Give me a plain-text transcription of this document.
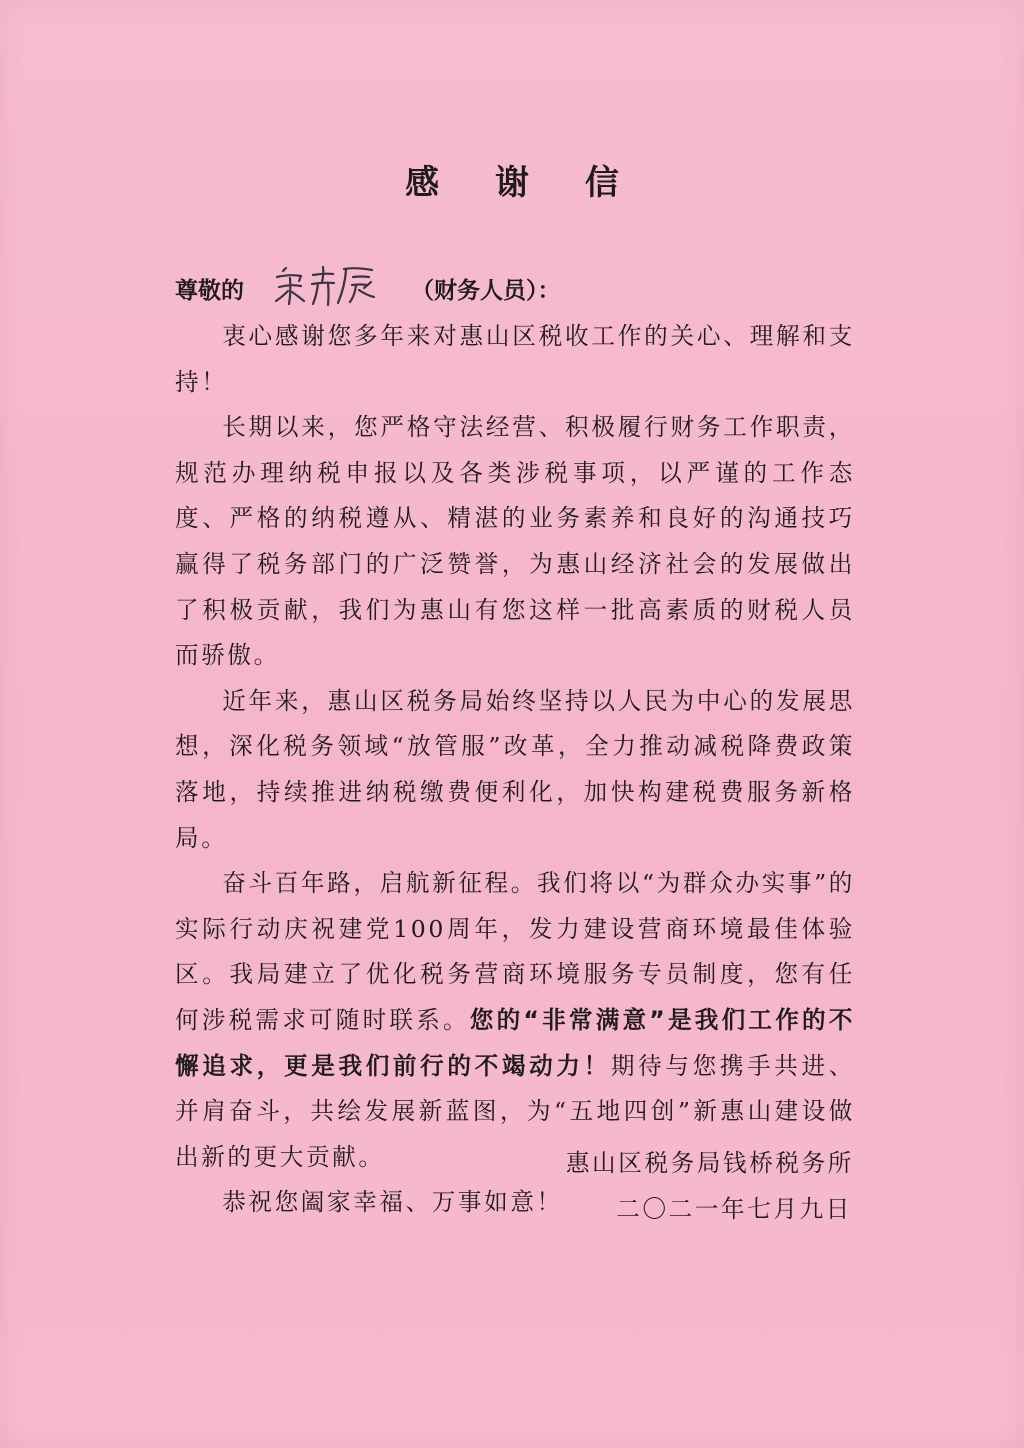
感 谢 信
尊敬的	（财务人员）：

衷心感谢您多年来对惠山区税收工作的关心、理解和支持！

长期以来，您严格守法经营、积极履行财务工作职责，规范办理纳税申报以及各类涉税事项，以严谨的工作态度、严格的纳税遵从、精湛的业务素养和良好的沟通技巧赢得了税务部门的广泛赞誉，为惠山经济社会的发展做出了积极贡献，我们为惠山有您这样一批高素质的财税人员而骄傲。

近年来，惠山区税务局始终坚持以人民为中心的发展思想，深化税务领域“放管服”改革，全力推动减税降费政策落地，持续推进纳税缴费便利化，加快构建税费服务新格局。

奋斗百年路，启航新征程。我们将以“为群众办实事”的实际行动庆祝建党100周年，发力建设营商环境最佳体验区。我局建立了优化税务营商环境服务专员制度，您有任何涉税需求可随时联系。您的“非常满意”是我们工作的不懈追求，更是我们前行的不竭动力！期待与您携手共进、并肩奋斗，共绘发展新蓝图，为“五地四创”新惠山建设做出新的更大贡献。

恭祝您阖家幸福、万事如意！

惠山区税务局钱桥税务所
二〇二一年七月九日
